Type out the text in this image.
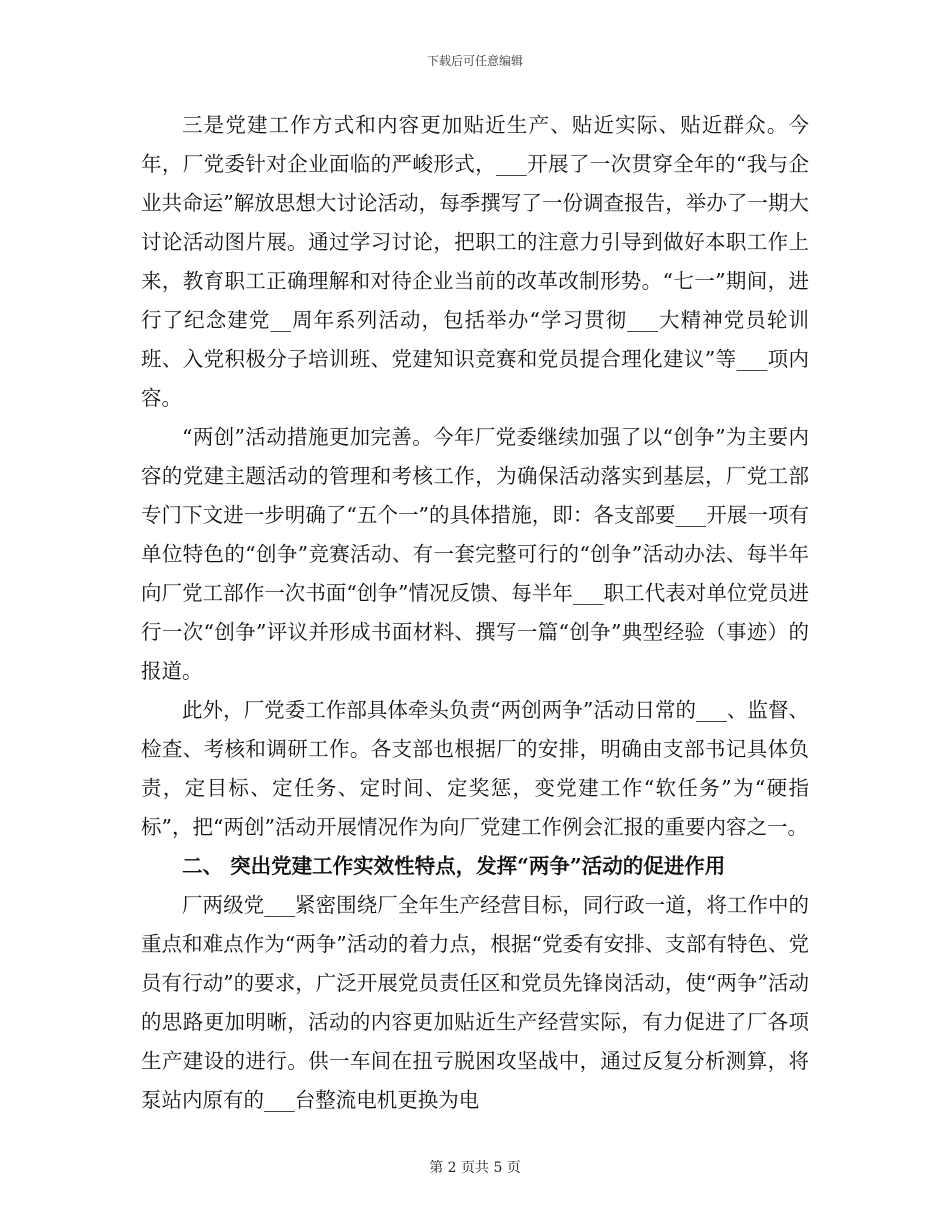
下载后可任意编辑

三是党建工作方式和内容更加贴近生产、贴近实际、贴近群众。今年，厂党委针对企业面临的严峻形式，___开展了一次贯穿全年的“我与企业共命运”解放思想大讨论活动，每季撰写了一份调查报告，举办了一期大讨论活动图片展。通过学习讨论，把职工的注意力引导到做好本职工作上来，教育职工正确理解和对待企业当前的改革改制形势。“七一”期间，进行了纪念建党__周年系列活动，包括举办“学习贯彻___大精神党员轮训班、入党积极分子培训班、党建知识竞赛和党员提合理化建议”等___项内容。

“两创”活动措施更加完善。今年厂党委继续加强了以“创争”为主要内容的党建主题活动的管理和考核工作，为确保活动落实到基层，厂党工部专门下文进一步明确了“五个一”的具体措施，即：各支部要___开展一项有单位特色的“创争”竞赛活动、有一套完整可行的“创争”活动办法、每半年向厂党工部作一次书面“创争”情况反馈、每半年___职工代表对单位党员进行一次“创争”评议并形成书面材料、撰写一篇“创争”典型经验（事迹）的报道。

此外，厂党委工作部具体牵头负责“两创两争”活动日常的___、监督、检查、考核和调研工作。各支部也根据厂的安排，明确由支部书记具体负责，定目标、定任务、定时间、定奖惩，变党建工作“软任务”为“硬指标”，把“两创”活动开展情况作为向厂党建工作例会汇报的重要内容之一。

二、 突出党建工作实效性特点，发挥“两争”活动的促进作用

厂两级党___紧密围绕厂全年生产经营目标，同行政一道，将工作中的重点和难点作为“两争”活动的着力点，根据“党委有安排、支部有特色、党员有行动”的要求，广泛开展党员责任区和党员先锋岗活动，使“两争”活动的思路更加明晰，活动的内容更加贴近生产经营实际，有力促进了厂各项生产建设的进行。供一车间在扭亏脱困攻坚战中，通过反复分析测算，将泵站内原有的___台整流电机更换为电

第 2 页共 5 页
